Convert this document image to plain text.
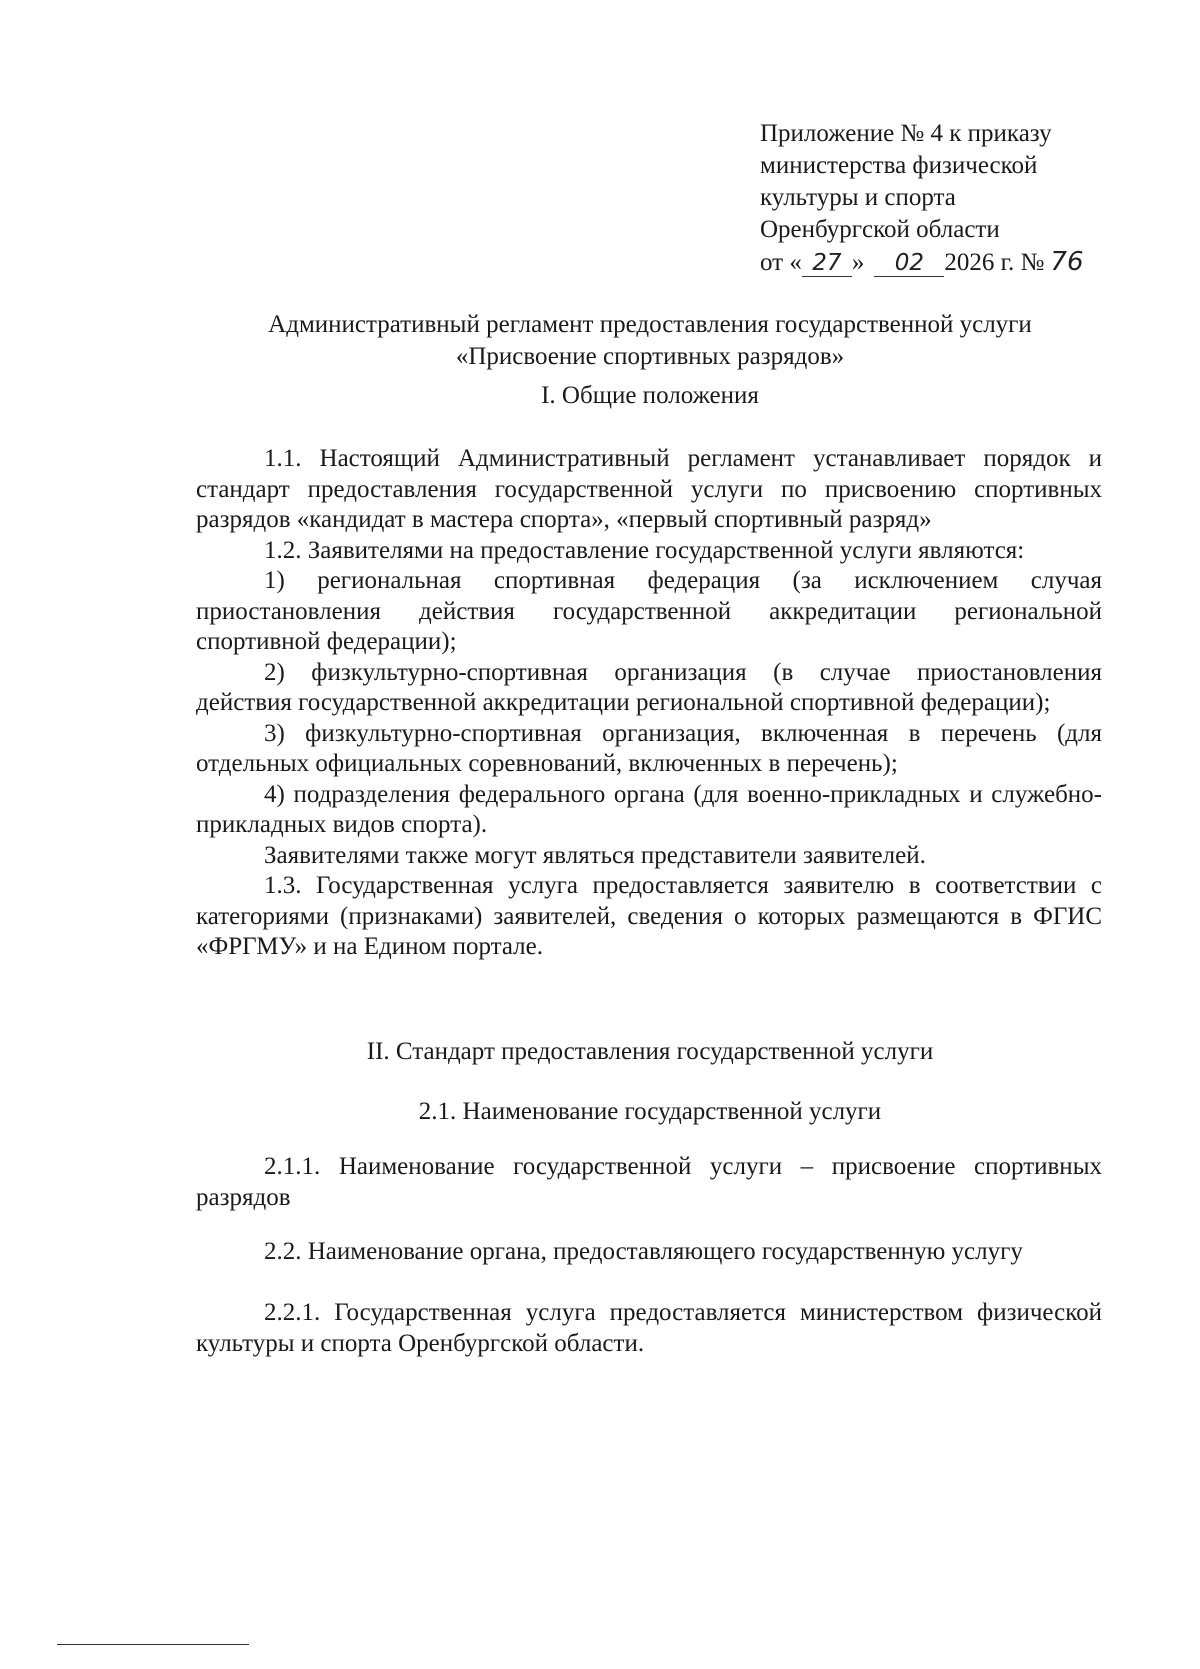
Приложение № 4 к приказу
министерства физической
культуры и спорта
Оренбургской области
от « 27 » 02 2026 г. № 76
Административный регламент предоставления государственной услуги
«Присвоение спортивных разрядов»
I. Общие положения

1.1. Настоящий Административный регламент устанавливает порядок и стандарт предоставления государственной услуги по присвоению спортивных разрядов «кандидат в мастера спорта», «первый спортивный разряд»

1.2. Заявителями на предоставление государственной услуги являются:

1) региональная спортивная федерация (за исключением случая приостановления действия государственной аккредитации региональной спортивной федерации);

2) физкультурно-спортивная организация (в случае приостановления действия государственной аккредитации региональной спортивной федерации);

3) физкультурно-спортивная организация, включенная в перечень (для отдельных официальных соревнований, включенных в перечень);

4) подразделения федерального органа (для военно-прикладных и служебно-прикладных видов спорта).

Заявителями также могут являться представители заявителей.

1.3. Государственная услуга предоставляется заявителю в соответствии с категориями (признаками) заявителей, сведения о которых размещаются в ФГИС «ФРГМУ» и на Едином портале.

II. Стандарт предоставления государственной услуги
2.1. Наименование государственной услуги

2.1.1. Наименование государственной услуги – присвоение спортивных разрядов

2.2. Наименование органа, предоставляющего государственную услугу

2.2.1. Государственная услуга предоставляется министерством физической культуры и спорта Оренбургской области.
